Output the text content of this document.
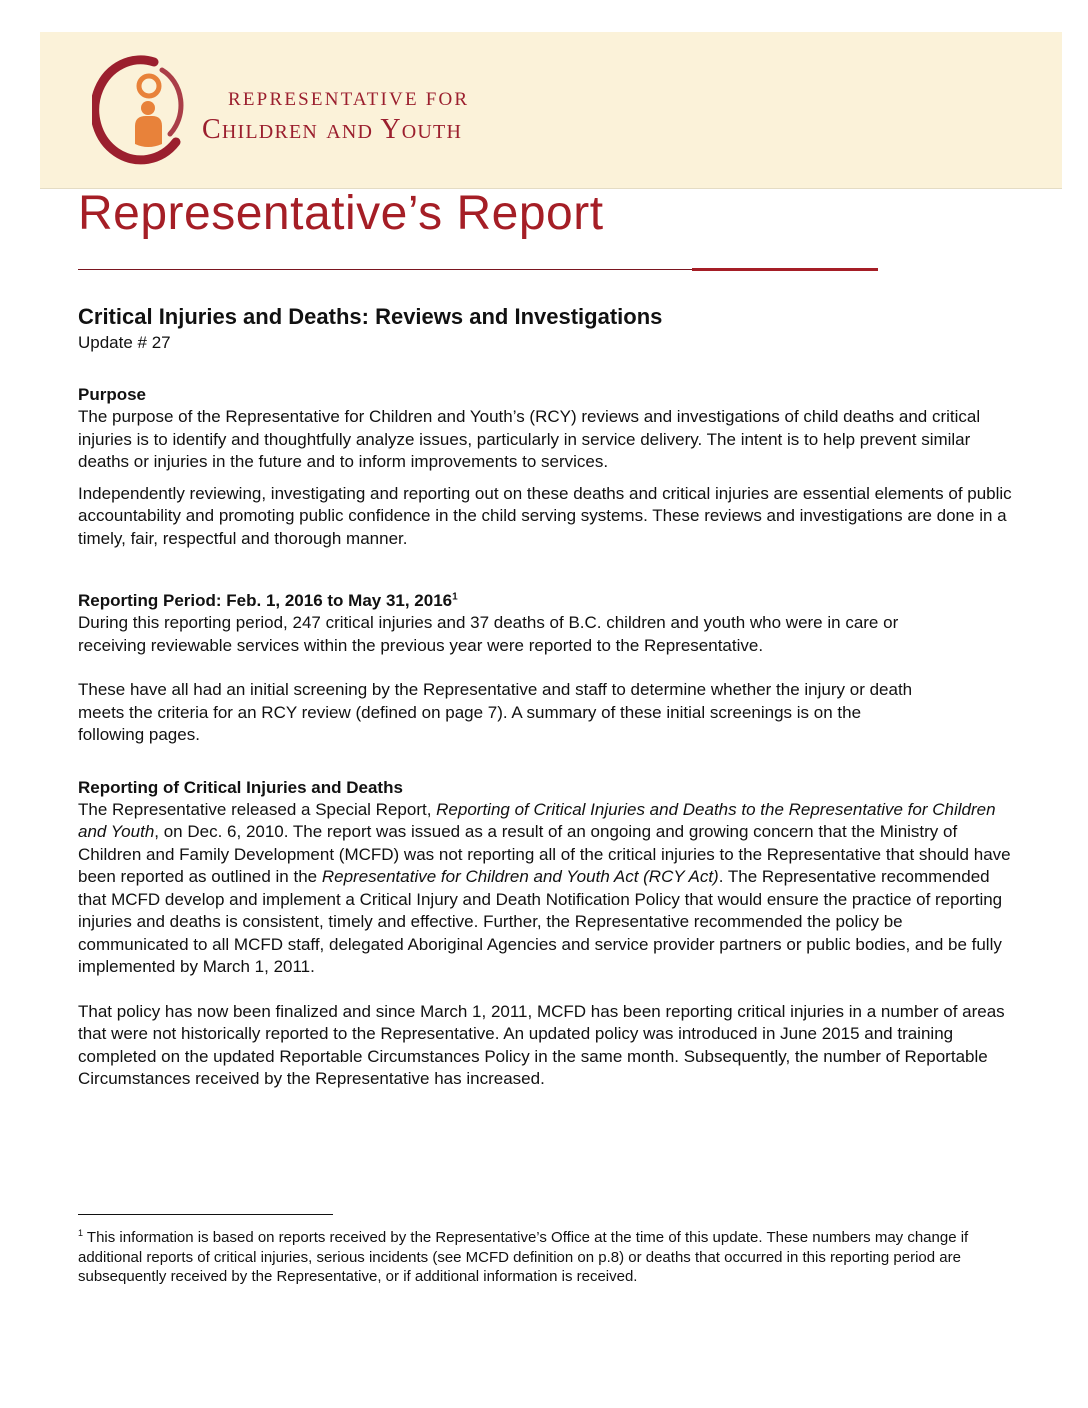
REPRESENTATIVE FOR
Children and Youth
Representative’s Report
Critical Injuries and Deaths: Reviews and Investigations
Update # 27
Purpose

The purpose of the Representative for Children and Youth’s (RCY) reviews and investigations of child deaths and critical injuries is to identify and thoughtfully analyze issues, particularly in service delivery. The intent is to help prevent similar deaths or injuries in the future and to inform improvements to services.

Independently reviewing, investigating and reporting out on these deaths and critical injuries are essential elements of public accountability and promoting public confidence in the child serving systems. These reviews and investigations are done in a timely, fair, respectful and thorough manner.

Reporting Period: Feb. 1, 2016 to May 31, 2016$^1$

During this reporting period, 247 critical injuries and 37 deaths of B.C. children and youth who were in care or receiving reviewable services within the previous year were reported to the Representative.

These have all had an initial screening by the Representative and staff to determine whether the injury or death meets the criteria for an RCY review (defined on page 7). A summary of these initial screenings is on the following pages.

Reporting of Critical Injuries and Deaths

The Representative released a Special Report, Reporting of Critical Injuries and Deaths to the Representative for Children and Youth, on Dec. 6, 2010. The report was issued as a result of an ongoing and growing concern that the Ministry of Children and Family Development (MCFD) was not reporting all of the critical injuries to the Representative that should have been reported as outlined in the Representative for Children and Youth Act (RCY Act). The Representative recommended that MCFD develop and implement a Critical Injury and Death Notification Policy that would ensure the practice of reporting injuries and deaths is consistent, timely and effective. Further, the Representative recommended the policy be communicated to all MCFD staff, delegated Aboriginal Agencies and service provider partners or public bodies, and be fully implemented by March 1, 2011.

That policy has now been finalized and since March 1, 2011, MCFD has been reporting critical injuries in a number of areas that were not historically reported to the Representative. An updated policy was introduced in June 2015 and training completed on the updated Reportable Circumstances Policy in the same month. Subsequently, the number of Reportable Circumstances received by the Representative has increased.

$^1$ This information is based on reports received by the Representative’s Office at the time of this update. These numbers may change if additional reports of critical injuries, serious incidents (see MCFD definition on p.8) or deaths that occurred in this reporting period are subsequently received by the Representative, or if additional information is received.
